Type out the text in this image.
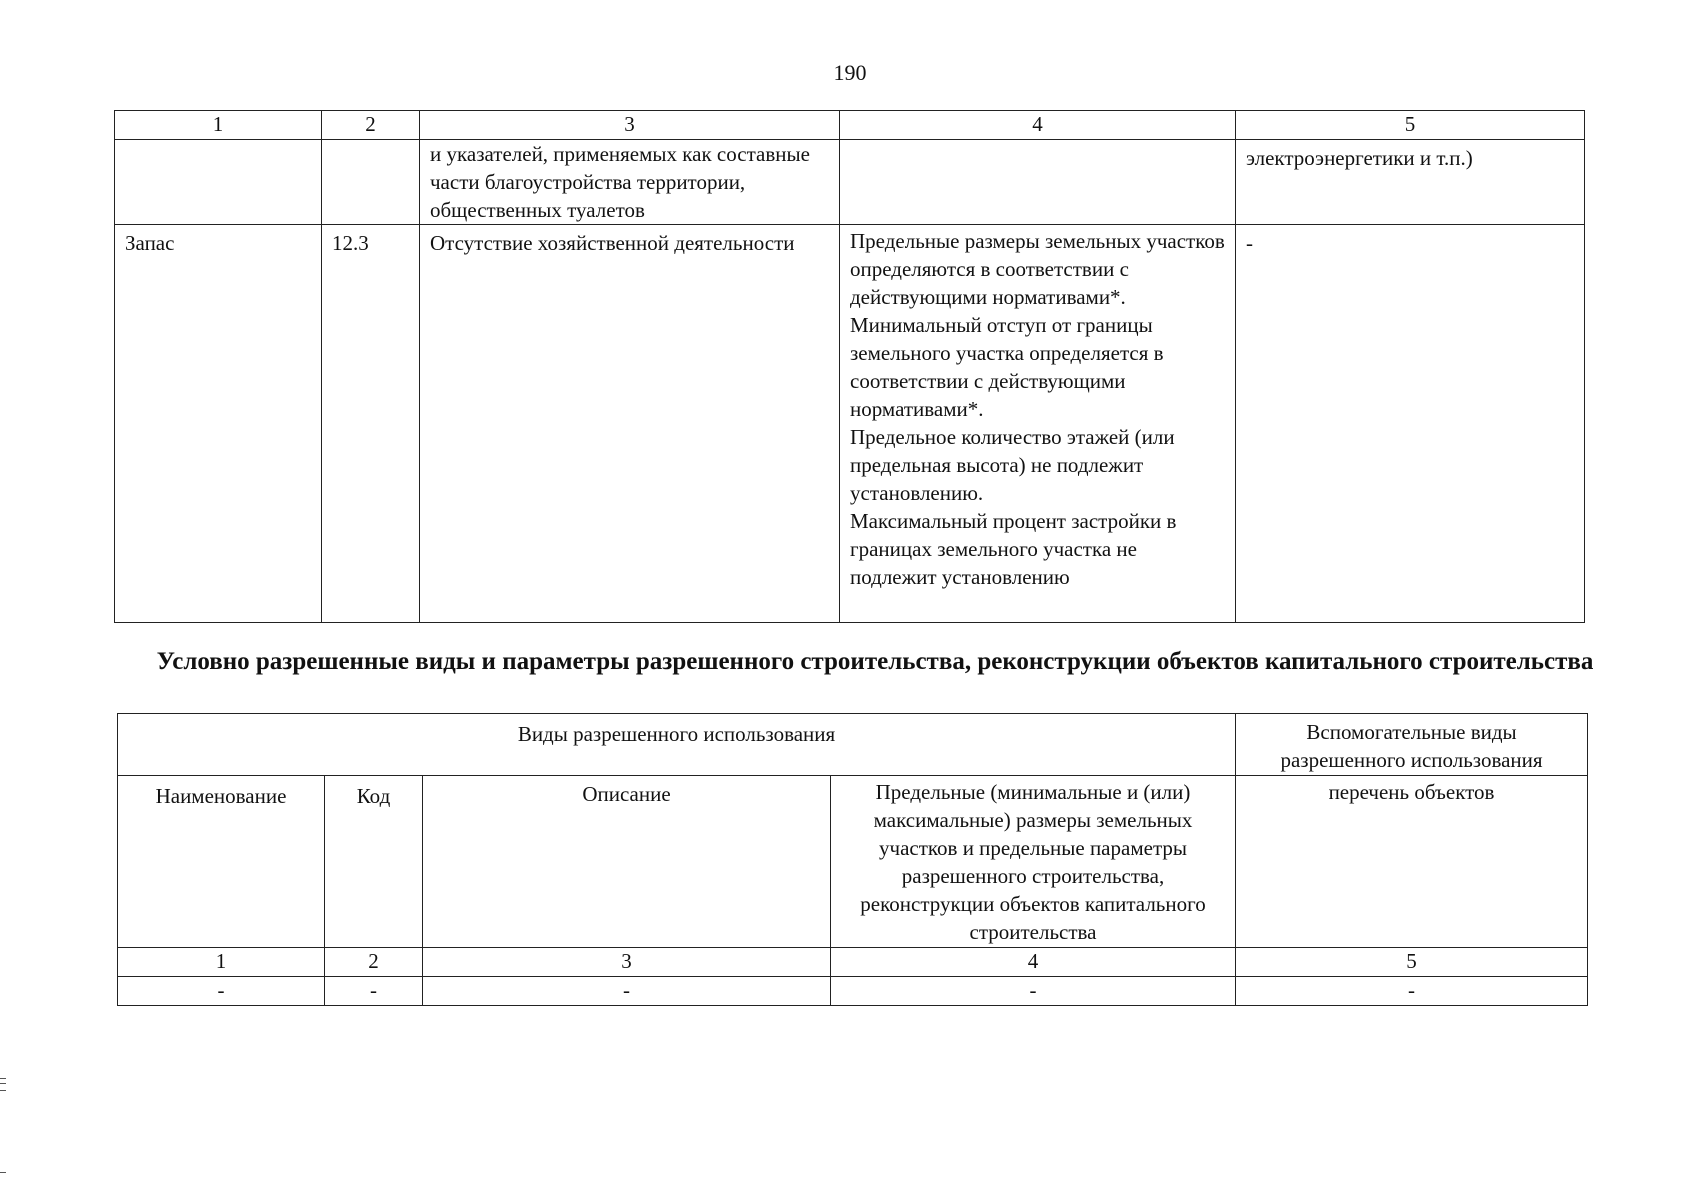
190
1	2	3	4	5
		и указателей, применяемых как составные части благоустройства территории, общественных туалетов		электроэнергетики и т.п.)
Запас	12.3	Отсутствие хозяйственной деятельности	Предельные размеры земельных участков определяются в соответствии с действующими нормативами*.
Минимальный отступ от границы земельного участка определяется в соответствии с действующими нормативами*.
Предельное количество этажей (или предельная высота) не подлежит установлению.
Максимальный процент застройки в границах земельного участка не подлежит установлению	-
Условно разрешенные виды и параметры разрешенного строительства, реконструкции объектов капитального строительства
Виды разрешенного использования				Вспомогательные виды разрешенного использования
Наименование	Код	Описание	Предельные (минимальные и (или) максимальные) размеры земельных участков и предельные параметры разрешенного строительства, реконструкции объектов капитального строительства	перечень объектов
1	2	3	4	5
-	-	-	-	-
